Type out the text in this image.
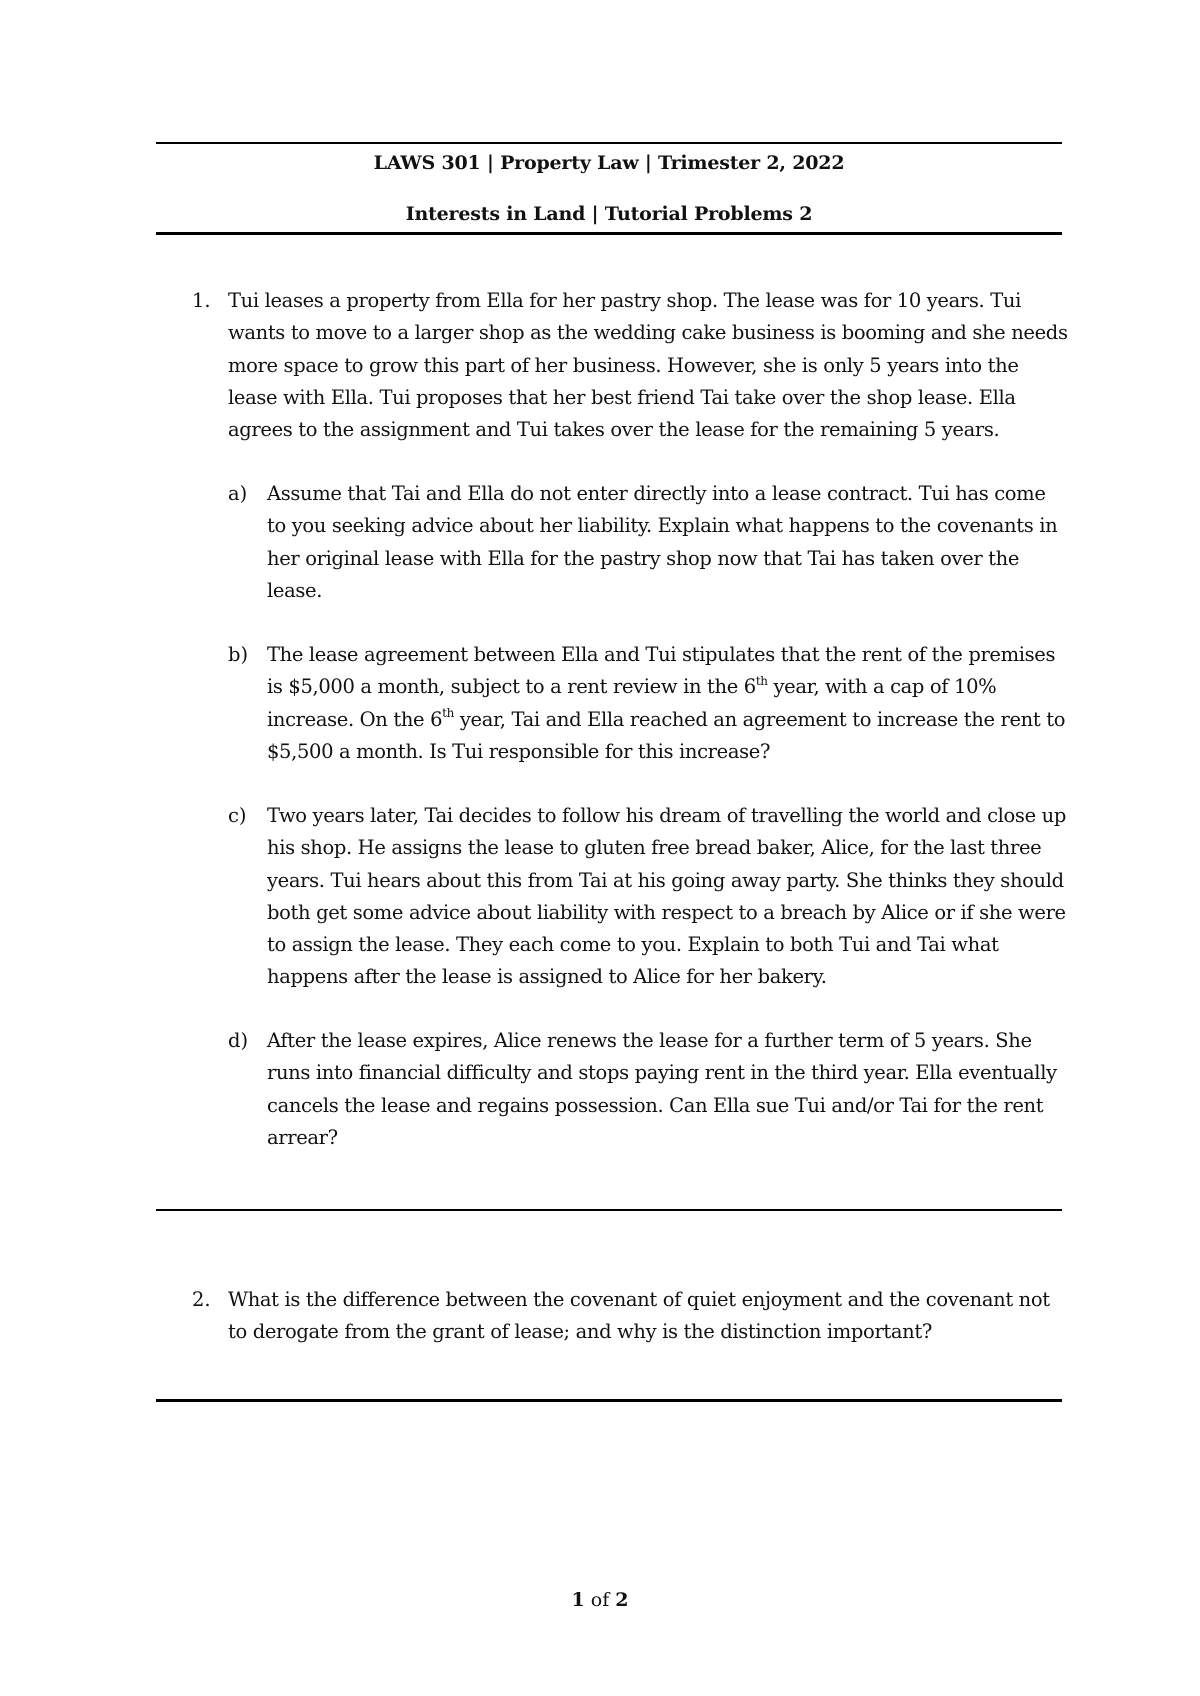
LAWS 301 | Property Law | Trimester 2, 2022
Interests in Land | Tutorial Problems 2
1. Tui leases a property from Ella for her pastry shop. The lease was for 10 years. Tui wants to move to a larger shop as the wedding cake business is booming and she needs more space to grow this part of her business. However, she is only 5 years into the lease with Ella. Tui proposes that her best friend Tai take over the shop lease. Ella agrees to the assignment and Tui takes over the lease for the remaining 5 years.

a) Assume that Tai and Ella do not enter directly into a lease contract. Tui has come to you seeking advice about her liability. Explain what happens to the covenants in her original lease with Ella for the pastry shop now that Tai has taken over the lease.

b) The lease agreement between Ella and Tui stipulates that the rent of the premises is $5,000 a month, subject to a rent review in the 6th year, with a cap of 10% increase. On the 6th year, Tai and Ella reached an agreement to increase the rent to $5,500 a month. Is Tui responsible for this increase?

c) Two years later, Tai decides to follow his dream of travelling the world and close up his shop. He assigns the lease to gluten free bread baker, Alice, for the last three years. Tui hears about this from Tai at his going away party. She thinks they should both get some advice about liability with respect to a breach by Alice or if she were to assign the lease. They each come to you. Explain to both Tui and Tai what happens after the lease is assigned to Alice for her bakery.

d) After the lease expires, Alice renews the lease for a further term of 5 years. She runs into financial difficulty and stops paying rent in the third year. Ella eventually cancels the lease and regains possession. Can Ella sue Tui and/or Tai for the rent arrear?

2. What is the difference between the covenant of quiet enjoyment and the covenant not to derogate from the grant of lease; and why is the distinction important?

1 of 2
